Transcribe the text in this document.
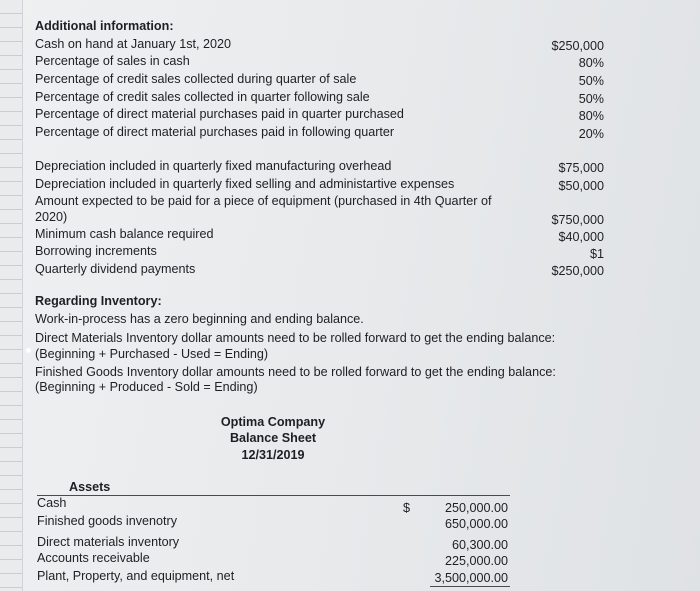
Additional information:
Cash on hand at January 1st, 2020	$250,000
Percentage of sales in cash	80%
Percentage of credit sales collected during quarter of sale	50%
Percentage of credit sales collected in quarter following sale	50%
Percentage of direct material purchases paid in quarter purchased	80%
Percentage of direct material purchases paid in following quarter	20%
Depreciation included in quarterly fixed manufacturing overhead	$75,000
Depreciation included in quarterly fixed selling and administartive expenses	$50,000
Amount expected to be paid for a piece of equipment (purchased in 4th Quarter of
2020)	$750,000
Minimum cash balance required	$40,000
Borrowing increments	$1
Quarterly dividend payments	$250,000
Regarding Inventory:
Work-in-process has a zero beginning and ending balance.
Direct Materials Inventory dollar amounts need to be rolled forward to get the ending balance:
(Beginning + Purchased - Used = Ending)
Finished Goods Inventory dollar amounts need to be rolled forward to get the ending balance:
(Beginning + Produced - Sold = Ending)
Optima Company
Balance Sheet
12/31/2019
Assets
Cash	$	250,000.00
Finished goods invenotry	650,000.00
Direct materials inventory	60,300.00
Accounts receivable	225,000.00
Plant, Property, and equipment, net	3,500,000.00
